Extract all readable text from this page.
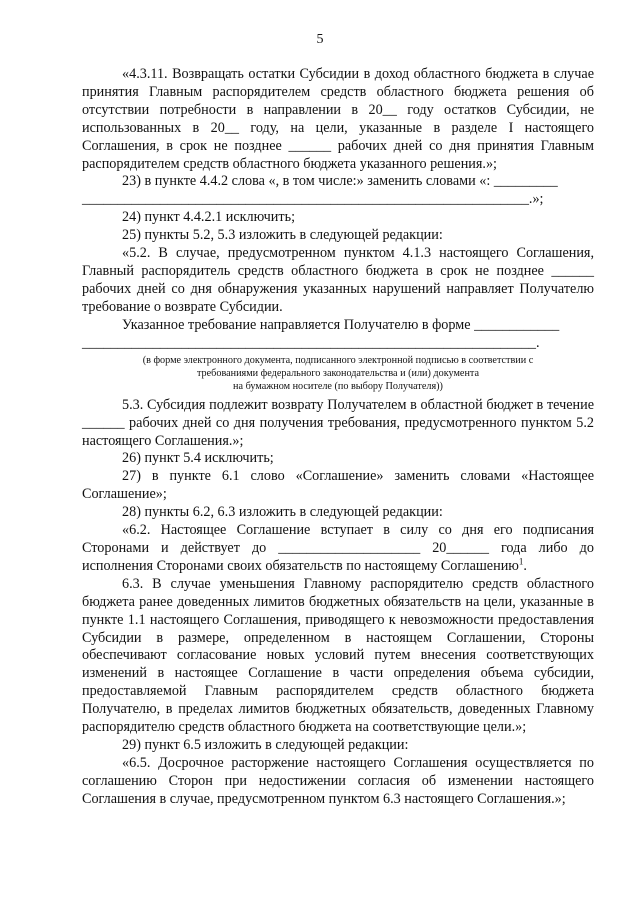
5

«4.3.11. Возвращать остатки Субсидии в доход областного бюджета в случае принятия Главным распорядителем средств областного бюджета решения об отсутствии потребности в направлении в 20__ году остатков Субсидии, не использованных в 20__ году, на цели, указанные в разделе I настоящего Соглашения, в срок не позднее ______ рабочих дней со дня принятия Главным распорядителем средств областного бюджета указанного решения.»;

23) в пункте 4.4.2 слова «, в том числе:» заменить словами «: _________

_______________________________________________________________.»;

24) пункт 4.4.2.1 исключить;

25) пункты 5.2, 5.3 изложить в следующей редакции:

«5.2. В случае, предусмотренном пунктом 4.1.3 настоящего Соглашения, Главный распорядитель средств областного бюджета в срок не позднее ______ рабочих дней со дня обнаружения указанных нарушений направляет Получателю требование о возврате Субсидии.

Указанное требование направляется Получателю в форме ____________

________________________________________________________________.

(в форме электронного документа, подписанного электронной подписью в соответствии с
требованиями федерального законодательства и (или) документа
на бумажном носителе (по выбору Получателя))

5.3. Субсидия подлежит возврату Получателем в областной бюджет в течение ______ рабочих дней со дня получения требования, предусмотренного пунктом 5.2 настоящего Соглашения.»;

26) пункт 5.4 исключить;

27) в пункте 6.1 слово «Соглашение» заменить словами «Настоящее Соглашение»;

28) пункты 6.2, 6.3 изложить в следующей редакции:

«6.2. Настоящее Соглашение вступает в силу со дня его подписания Сторонами и действует до ____________________ 20______ года либо до исполнения Сторонами своих обязательств по настоящему Соглашению$^1$.

6.3. В случае уменьшения Главному распорядителю средств областного бюджета ранее доведенных лимитов бюджетных обязательств на цели, указанные в пункте 1.1 настоящего Соглашения, приводящего к невозможности предоставления Субсидии в размере, определенном в настоящем Соглашении, Стороны обеспечивают согласование новых условий путем внесения соответствующих изменений в настоящее Соглашение в части определения объема субсидии, предоставляемой Главным распорядителем средств областного бюджета Получателю, в пределах лимитов бюджетных обязательств, доведенных Главному распорядителю средств областного бюджета на соответствующие цели.»;

29) пункт 6.5 изложить в следующей редакции:

«6.5. Досрочное расторжение настоящего Соглашения осуществляется по соглашению Сторон при недостижении согласия об изменении настоящего Соглашения в случае, предусмотренном пунктом 6.3 настоящего Соглашения.»;
